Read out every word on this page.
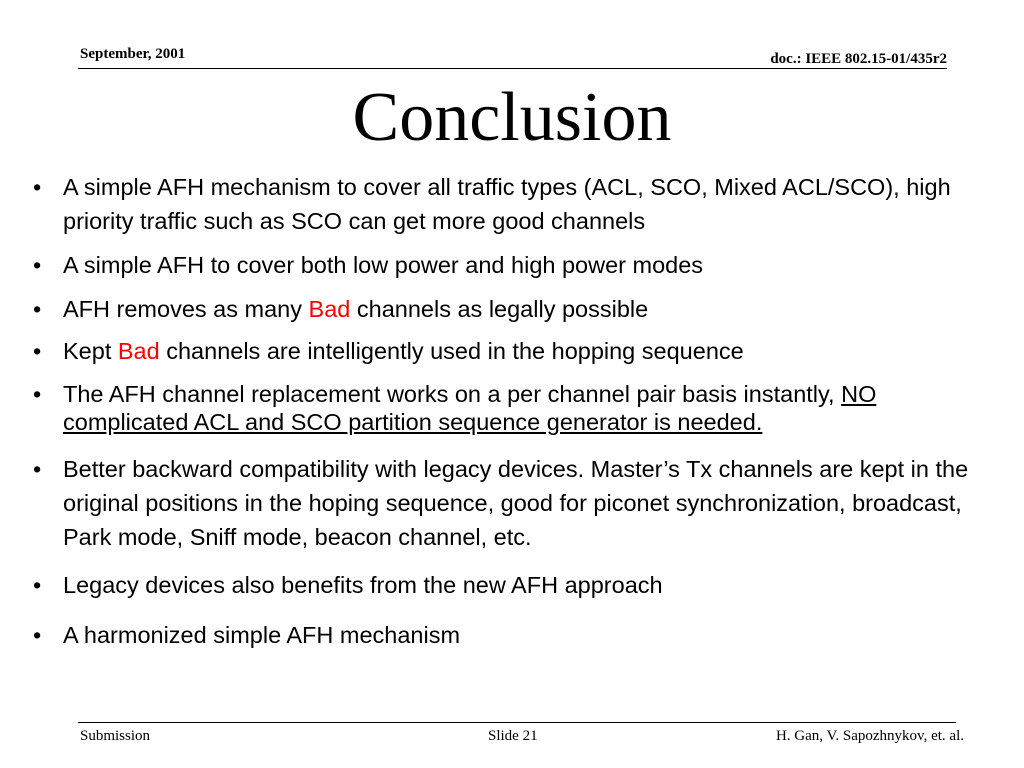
September, 2001	doc.: IEEE 802.15-01/435r2
Conclusion
• A simple AFH mechanism to cover all traffic types (ACL, SCO, Mixed ACL/SCO), high priority traffic such as SCO can get more good channels
• A simple AFH to cover both low power and high power modes
• AFH removes as many Bad channels as legally possible
• Kept Bad channels are intelligently used in the hopping sequence
• The AFH channel replacement works on a per channel pair basis instantly, NO complicated ACL and SCO partition sequence generator is needed.
• Better backward compatibility with legacy devices. Master’s Tx channels are kept in the original positions in the hoping sequence, good for piconet synchronization, broadcast, Park mode, Sniff mode, beacon channel, etc.
• Legacy devices also benefits from the new AFH approach
• A harmonized simple AFH mechanism
Submission	Slide 21	H. Gan, V. Sapozhnykov, et. al.
